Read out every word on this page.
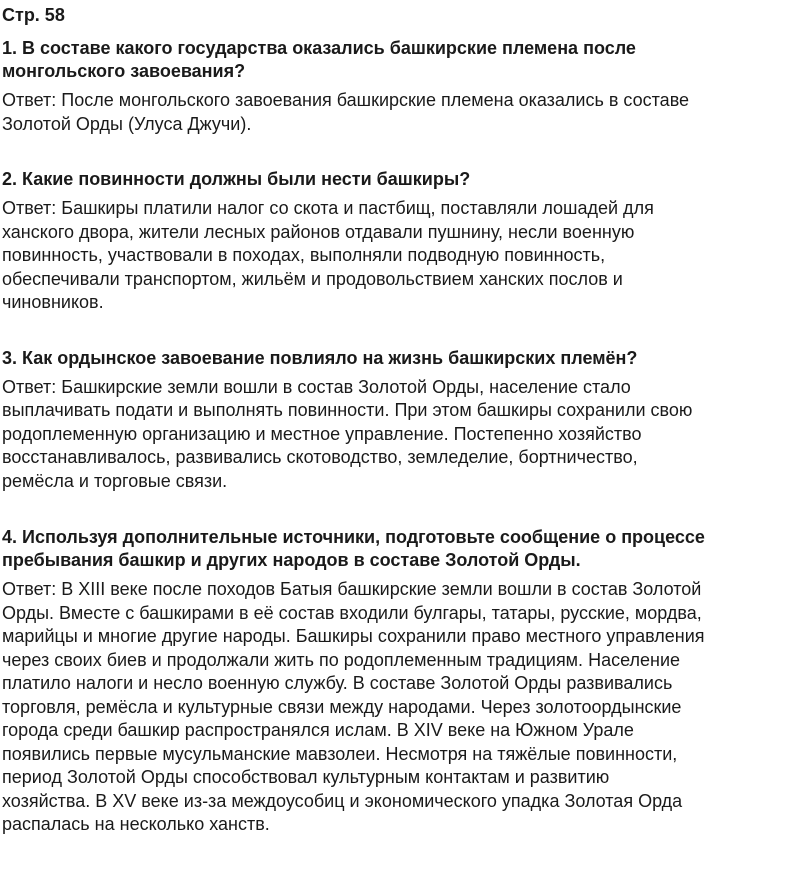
Стр. 58

1. В составе какого государства оказались башкирские племена после
монгольского завоевания?

Ответ: После монгольского завоевания башкирские племена оказались в составе
Золотой Орды (Улуса Джучи).

2. Какие повинности должны были нести башкиры?

Ответ: Башкиры платили налог со скота и пастбищ, поставляли лошадей для
ханского двора, жители лесных районов отдавали пушнину, несли военную
повинность, участвовали в походах, выполняли подводную повинность,
обеспечивали транспортом, жильём и продовольствием ханских послов и
чиновников.

3. Как ордынское завоевание повлияло на жизнь башкирских племён?

Ответ: Башкирские земли вошли в состав Золотой Орды, население стало
выплачивать подати и выполнять повинности. При этом башкиры сохранили свою
родоплеменную организацию и местное управление. Постепенно хозяйство
восстанавливалось, развивались скотоводство, земледелие, бортничество,
ремёсла и торговые связи.

4. Используя дополнительные источники, подготовьте сообщение о процессе
пребывания башкир и других народов в составе Золотой Орды.

Ответ: В XIII веке после походов Батыя башкирские земли вошли в состав Золотой
Орды. Вместе с башкирами в её состав входили булгары, татары, русские, мордва,
марийцы и многие другие народы. Башкиры сохранили право местного управления
через своих биев и продолжали жить по родоплеменным традициям. Население
платило налоги и несло военную службу. В составе Золотой Орды развивались
торговля, ремёсла и культурные связи между народами. Через золотоордынские
города среди башкир распространялся ислам. В XIV веке на Южном Урале
появились первые мусульманские мавзолеи. Несмотря на тяжёлые повинности,
период Золотой Орды способствовал культурным контактам и развитию
хозяйства. В XV веке из-за междоусобиц и экономического упадка Золотая Орда
распалась на несколько ханств.
